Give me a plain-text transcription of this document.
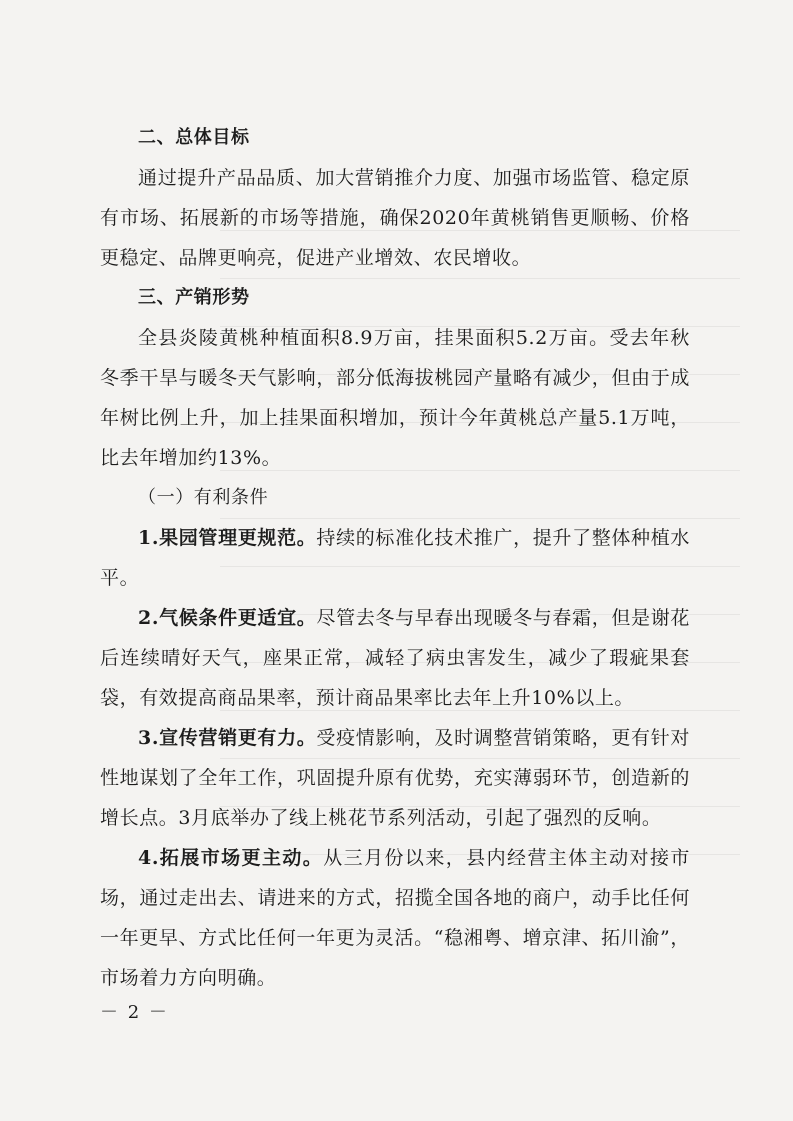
二、总体目标

通过提升产品品质、加大营销推介力度、加强市场监管、稳定原有市场、拓展新的市场等措施，确保2020年黄桃销售更顺畅、价格更稳定、品牌更响亮，促进产业增效、农民增收。

三、产销形势

全县炎陵黄桃种植面积8.9万亩，挂果面积5.2万亩。受去年秋冬季干旱与暖冬天气影响，部分低海拔桃园产量略有减少，但由于成年树比例上升，加上挂果面积增加，预计今年黄桃总产量5.1万吨，比去年增加约13%。

（一）有利条件

1.果园管理更规范。持续的标准化技术推广，提升了整体种植水平。

2.气候条件更适宜。尽管去冬与早春出现暖冬与春霜，但是谢花后连续晴好天气，座果正常，减轻了病虫害发生，减少了瑕疵果套袋，有效提高商品果率，预计商品果率比去年上升10%以上。

3.宣传营销更有力。受疫情影响，及时调整营销策略，更有针对性地谋划了全年工作，巩固提升原有优势，充实薄弱环节，创造新的增长点。3月底举办了线上桃花节系列活动，引起了强烈的反响。

4.拓展市场更主动。从三月份以来，县内经营主体主动对接市场，通过走出去、请进来的方式，招揽全国各地的商户，动手比任何一年更早、方式比任何一年更为灵活。“稳湘粤、增京津、拓川渝”，市场着力方向明确。

－ 2 －
